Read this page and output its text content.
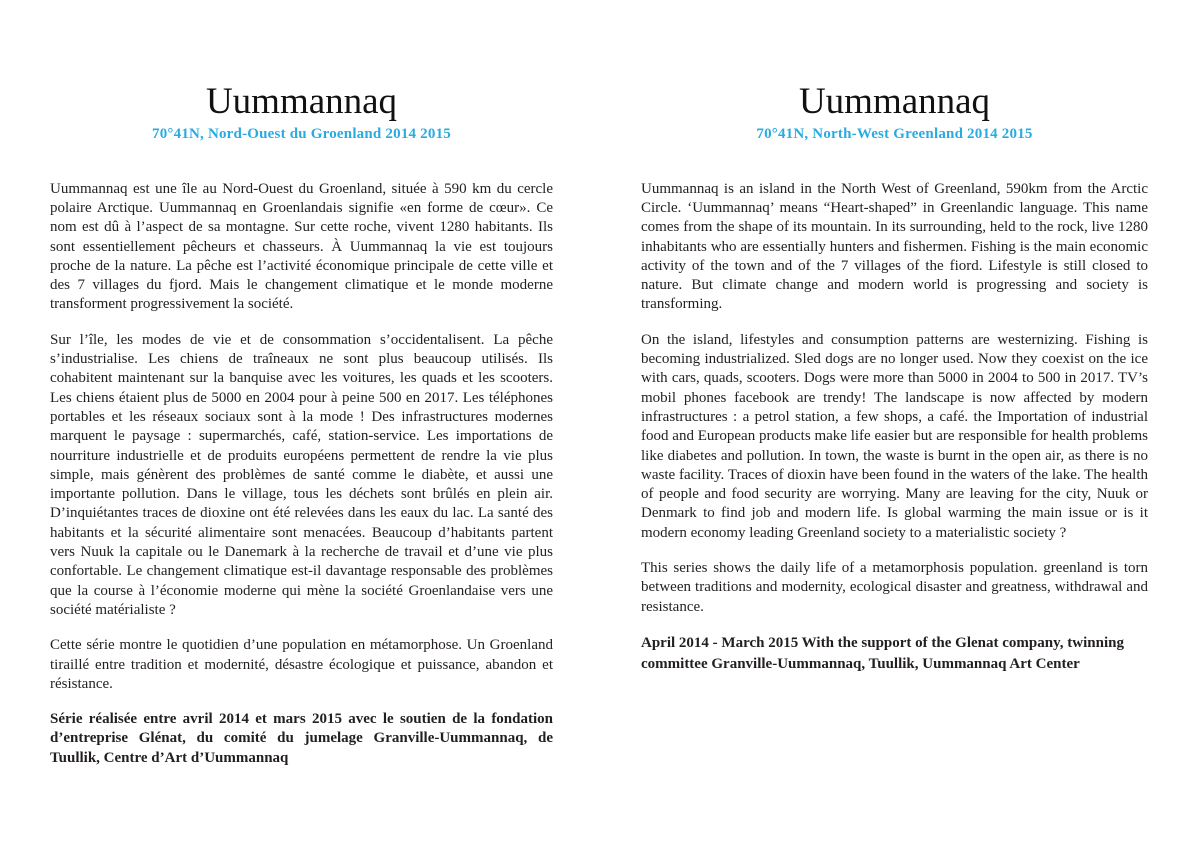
Uummannaq
70°41N, Nord-Ouest du Groenland 2014 2015

Uummannaq est une île au Nord-Ouest du Groenland, située à 590 km du cercle polaire Arctique. Uummannaq en Groenlandais signifie «en forme de cœur». Ce nom est dû à l’aspect de sa montagne. Sur cette roche, vivent 1280 habitants. Ils sont essentiellement pêcheurs et chasseurs. À Uummannaq la vie est toujours proche de la nature. La pêche est l’activité économique principale de cette ville et des 7 villages du fjord. Mais le changement climatique et le monde moderne transforment progressivement la société.

Sur l’île, les modes de vie et de consommation s’occidentalisent. La pêche s’industrialise. Les chiens de traîneaux ne sont plus beaucoup utilisés. Ils cohabitent maintenant sur la banquise avec les voitures, les quads et les scooters. Les chiens étaient plus de 5000 en 2004 pour à peine 500 en 2017. Les téléphones portables et les réseaux sociaux sont à la mode ! Des infrastructures modernes marquent le paysage : supermarchés, café, station-service. Les importations de nourriture industrielle et de produits européens permettent de rendre la vie plus simple, mais génèrent des problèmes de santé comme le diabète, et aussi une importante pollution. Dans le village, tous les déchets sont brûlés en plein air. D’inquiétantes traces de dioxine ont été relevées dans les eaux du lac. La santé des habitants et la sécurité alimentaire sont menacées. Beaucoup d’habitants partent vers Nuuk la capitale ou le Danemark à la recherche de travail et d’une vie plus confortable. Le changement climatique est-il davantage responsable des problèmes que la course à l’économie moderne qui mène la société Groenlandaise vers une société matérialiste ?

Cette série montre le quotidien d’une population en métamorphose. Un Groenland tiraillé entre tradition et modernité, désastre écologique et puissance, abandon et résistance.

Série réalisée entre avril 2014 et mars 2015 avec le soutien de la fondation d’entreprise Glénat, du comité du jumelage Granville-Uummannaq, de Tuullik, Centre d’Art d’Uummannaq

Uummannaq
70°41N, North-West Greenland 2014 2015

Uummannaq is an island in the North West of Greenland, 590km from the Arctic Circle. ‘Uummannaq’ means “Heart-shaped” in Greenlandic language. This name comes from the shape of its mountain. In its surrounding, held to the rock, live 1280 inhabitants who are essentially hunters and fishermen. Fishing is the main economic activity of the town and of the 7 villages of the fiord. Lifestyle is still closed to nature. But climate change and modern world is progressing and society is transforming.

On the island, lifestyles and consumption patterns are westernizing. Fishing is becoming industrialized. Sled dogs are no longer used. Now they coexist on the ice with cars, quads, scooters. Dogs were more than 5000 in 2004 to 500 in 2017. TV’s mobil phones facebook are trendy! The landscape is now affected by modern infrastructures : a petrol station, a few shops, a café. the Importation of industrial food and European products make life easier but are responsible for health problems like diabetes and pollution. In town, the waste is burnt in the open air, as there is no waste facility. Traces of dioxin have been found in the waters of the lake. The health of people and food security are worrying. Many are leaving for the city, Nuuk or Denmark to find job and modern life. Is global warming the main issue or is it modern economy leading Greenland society to a materialistic society ?

This series shows the daily life of a metamorphosis population. greenland is torn between traditions and modernity, ecological disaster and greatness, withdrawal and resistance.

April 2014 - March 2015 With the support of the Glenat company, twinning committee Granville-Uummannaq, Tuullik, Uummannaq Art Center
